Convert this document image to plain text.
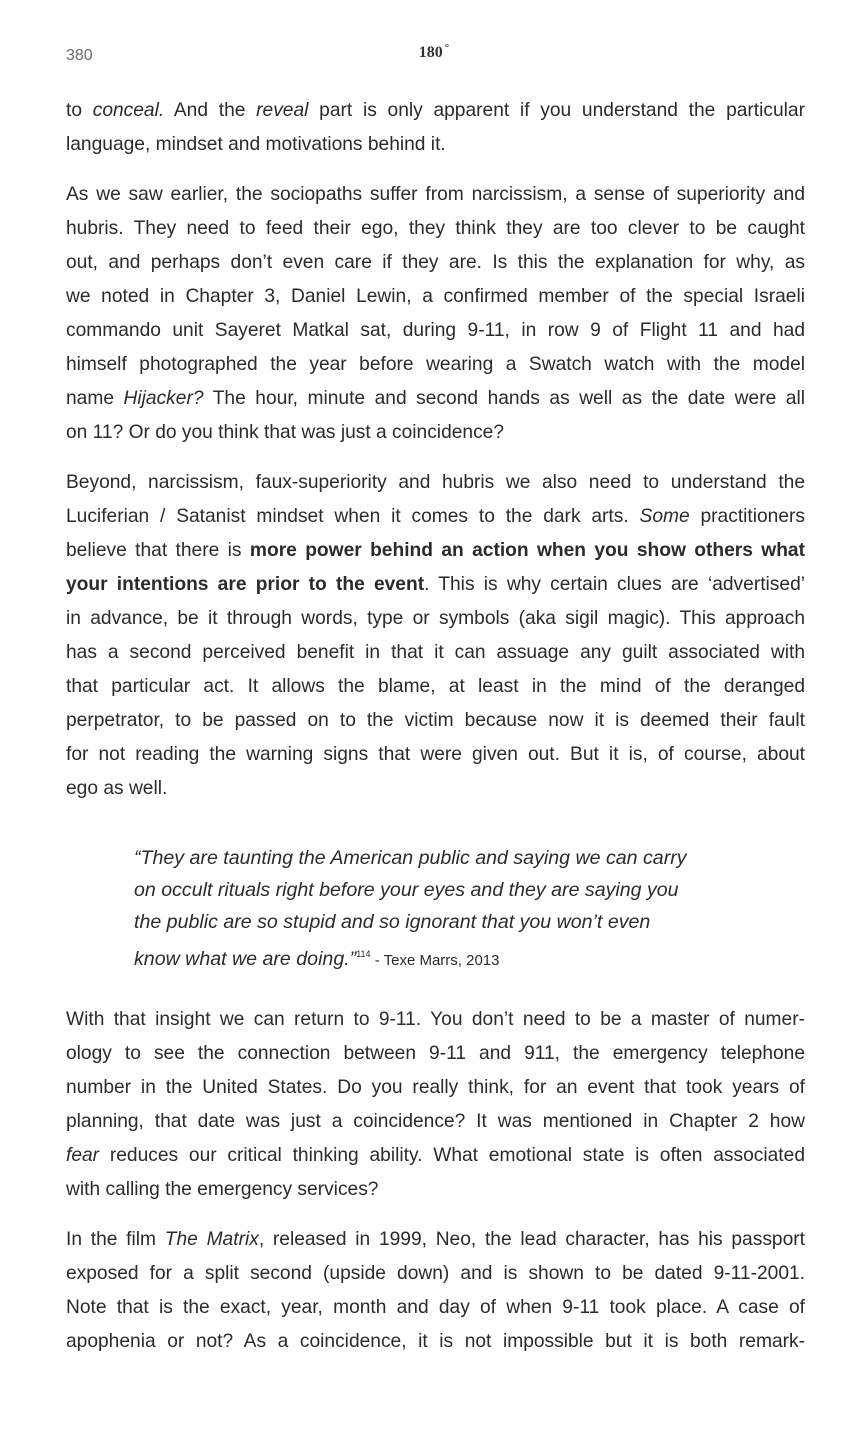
380	180 °
to conceal. And the reveal part is only apparent if you understand the particular
language, mindset and motivations behind it.
As we saw earlier, the sociopaths suffer from narcissism, a sense of superiority and
hubris. They need to feed their ego, they think they are too clever to be caught
out, and perhaps don’t even care if they are. Is this the explanation for why, as
we noted in Chapter 3, Daniel Lewin, a confirmed member of the special Israeli
commando unit Sayeret Matkal sat, during 9-11, in row 9 of Flight 11 and had
himself photographed the year before wearing a Swatch watch with the model
name Hijacker? The hour, minute and second hands as well as the date were all
on 11? Or do you think that was just a coincidence?
Beyond, narcissism, faux-superiority and hubris we also need to understand the
Luciferian / Satanist mindset when it comes to the dark arts. Some practitioners
believe that there is more power behind an action when you show others what
your intentions are prior to the event. This is why certain clues are ‘advertised’
in advance, be it through words, type or symbols (aka sigil magic). This approach
has a second perceived benefit in that it can assuage any guilt associated with
that particular act. It allows the blame, at least in the mind of the deranged
perpetrator, to be passed on to the victim because now it is deemed their fault
for not reading the warning signs that were given out. But it is, of course, about
ego as well.
“They are taunting the American public and saying we can carry
on occult rituals right before your eyes and they are saying you
the public are so stupid and so ignorant that you won’t even
know what we are doing.”$^{114}$ - Texe Marrs, 2013
With that insight we can return to 9-11. You don’t need to be a master of numer-
ology to see the connection between 9-11 and 911, the emergency telephone
number in the United States. Do you really think, for an event that took years of
planning, that date was just a coincidence? It was mentioned in Chapter 2 how
fear reduces our critical thinking ability. What emotional state is often associated
with calling the emergency services?
In the film The Matrix, released in 1999, Neo, the lead character, has his passport
exposed for a split second (upside down) and is shown to be dated 9-11-2001.
Note that is the exact, year, month and day of when 9-11 took place. A case of
apophenia or not? As a coincidence, it is not impossible but it is both remark-
